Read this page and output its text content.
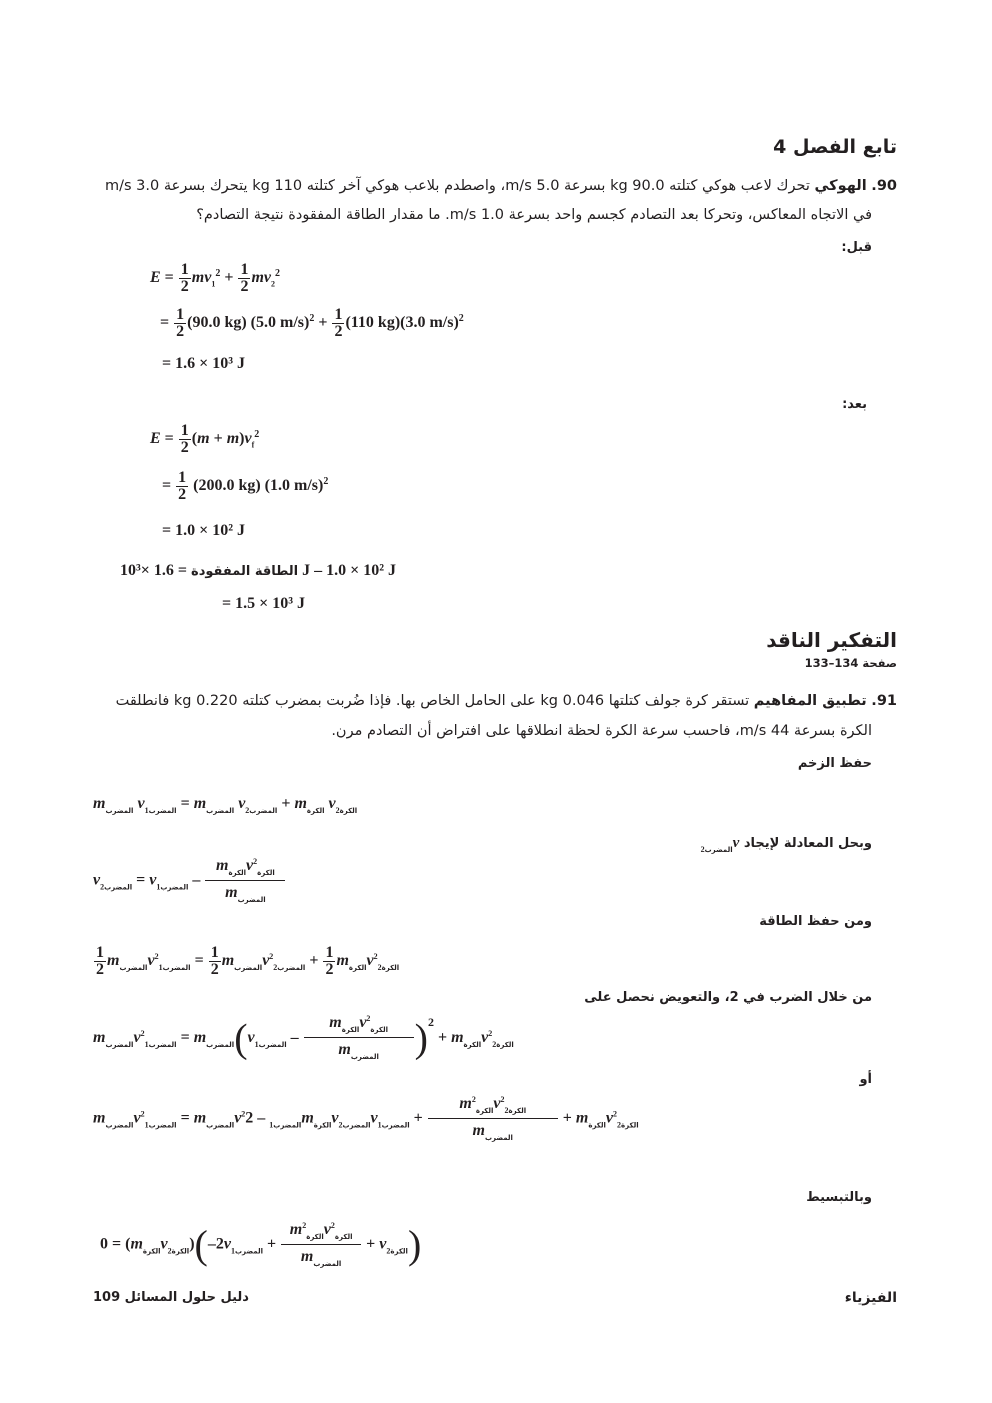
تابع الفصل 4
90. الهوكي تحرك لاعب هوكي كتلته 90.0 kg بسرعة 5.0 m/s، واصطدم بلاعب هوكي آخر كتلته 110 kg يتحرك بسرعة 3.0 m/s
في الاتجاه المعاكس، وتحركا بعد التصادم كجسم واحد بسرعة 1.0 m/s. ما مقدار الطاقة المفقودة نتيجة التصادم؟
قبل:
$E = \frac{1}{2} mv_1^2 + \frac{1}{2} mv_2^2$
= $\frac{1}{2} (90.0$ kg) (5.0 $m/s)^2 + \frac{1}{2} (110$ kg)(3.0 m/s)$^2$
= 1.6 × 10³ J
بعد:
$E = \frac{1}{2} (m + m)v_f^2$
= $\frac{1}{2} (200.0$ kg) (1.0 m/s)$^2$
= 1.0 × 10² J
الطاقة المفقودة = 1.6 ×10³ J – 1.0 × 10² J
= 1.5 × 10³ J
التفكير الناقد
صفحة 134–133
91. تطبيق المفاهيم تستقر كرة جولف كتلتها 0.046 kg على الحامل الخاص بها. فإذا ضُربت بمضرب كتلته 0.220 kg فانطلقت
الكرة بسرعة 44 m/s، فاحسب سرعة الكرة لحظة انطلاقها على افتراض أن التصادم مرن.
حفظ الزخم
$m_{المضرب}$ v $_{المضرب1} = m_{المضرب}$ v $_{المضرب2} + m_{الكرة}$ v $_{الكرة2}$
وبحل المعادلة لإيجاد $v_{المضرب2}$
v $_{المضرب2}$ = v $_{المضرب1} - \frac{m_{الكرة}v _{الكرة}^2}{m_{المضرب}}$
ومن حفظ الطاقة
$\frac{1}{2} m_{المضرب}v^2_{المضرب1} = \frac{1}{2} m_{المضرب}v^2_{المضرب2} + \frac{1}{2} m_{الكرة}v^2_{الكرة2}$
من خلال الضرب في 2، والتعويض نحصل على
$m_{المضرب}v^2_{المضرب1} = m_{المضرب}(v$ $_{المضرب1} - \frac{m_{الكرة}v _{الكرة}^2}{m_{المضرب}} )^2 + m_{الكرة}v^2_{الكرة2}$
أو
$m_{المضرب}v^2_{المضرب1} = m_{المضرب}v^2_{المضرب1} - 2$ $m_{الكرة}v$ $_{المضرب2}$ v $_{المضرب1} + \frac{m _{الكرة}^2 v^2_{الكرة2}}{m_{المضرب}} + m_{الكرة}v^2_{الكرة2}$
وبالتبسيط
$0 = (m_{الكرة}v$ $_{الكرة2}$ )(–2v $_{المضرب1} + \frac{m _{الكرة}^2 v _{الكرة}^2}{m_{المضرب}} + v$ $_{الكرة2}$ )
109 دليل حلول المسائل	الفيزياء
